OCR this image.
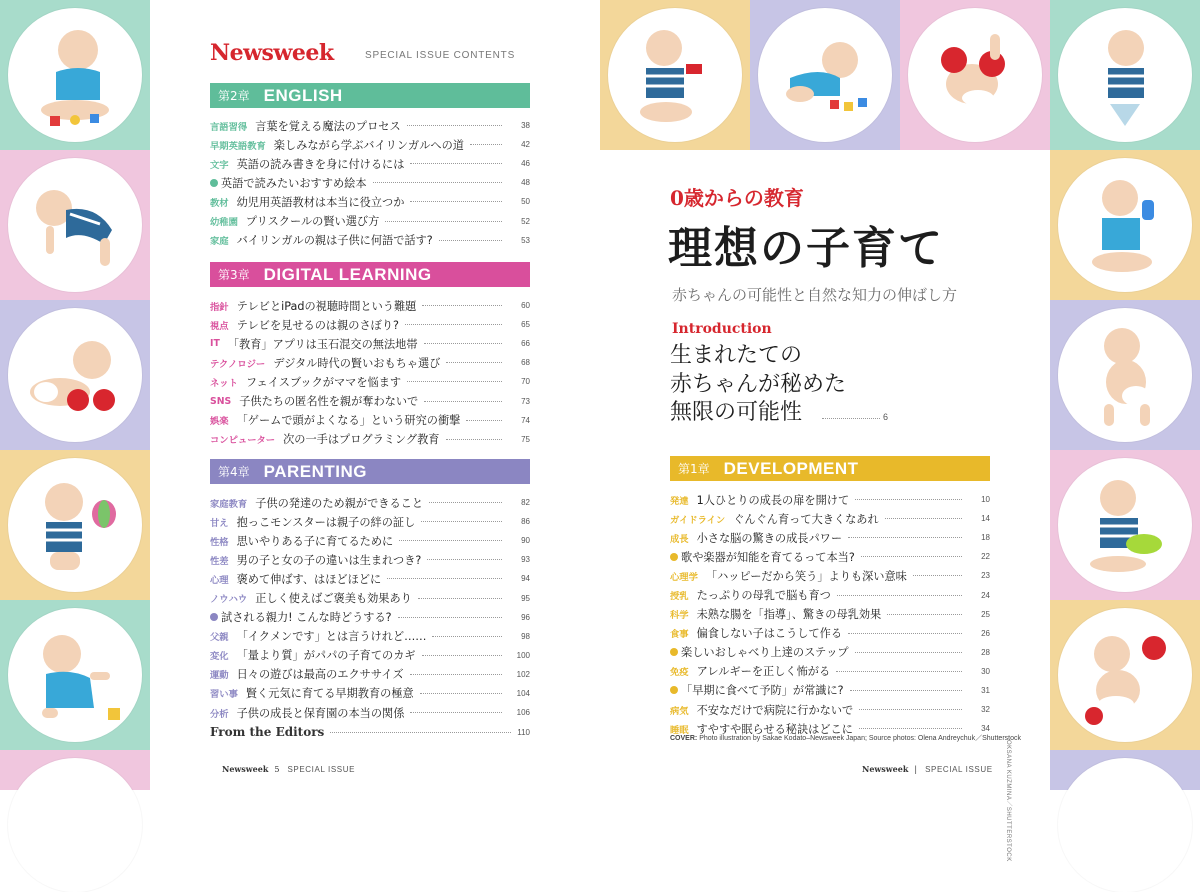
Newsweek	SPECIAL ISSUE CONTENTS
第2章 ENGLISH
言語習得 言葉を覚える魔法のプロセス	38
早期英語教育 楽しみながら学ぶバイリンガルへの道	42
文字 英語の読み書きを身に付けるには	46
英語で読みたいおすすめ絵本	48
教材 幼児用英語教材は本当に役立つか	50
幼稚園 プリスクールの賢い選び方	52
家庭 バイリンガルの親は子供に何語で話す?	53
第3章 DIGITAL LEARNING
指針 テレビとiPadの視聴時間という難題	60
視点 テレビを見せるのは親のさぼり?	65
IT 「教育」アプリは玉石混交の無法地帯	66
テクノロジー デジタル時代の賢いおもちゃ選び	68
ネット フェイスブックがママを悩ます	70
SNS 子供たちの匿名性を親が奪わないで	73
娯楽 「ゲームで頭がよくなる」という研究の衝撃	74
コンピューター 次の一手はプログラミング教育	75
第4章 PARENTING
家庭教育 子供の発達のため親ができること	82
甘え 抱っこモンスターは親子の絆の証し	86
性格 思いやりある子に育てるために	90
性差 男の子と女の子の違いは生まれつき?	93
心理 褒めて伸ばす、はほどほどに	94
ノウハウ 正しく使えばご褒美も効果あり	95
試される親力! こんな時どうする?	96
父親 「イクメンです」とは言うけれど……	98
変化 「量より質」がパパの子育てのカギ	100
運動 日々の遊びは最高のエクササイズ	102
習い事 賢く元気に育てる早期教育の極意	104
分析 子供の成長と保育園の本当の関係	106
From the Editors	110
Newsweek 5 SPECIAL ISSUE
0歳からの教育
理想の子育て
赤ちゃんの可能性と自然な知力の伸ばし方
Introduction
生まれたての
赤ちゃんが秘めた
無限の可能性	6
第1章 DEVELOPMENT
発達 1人ひとりの成長の扉を開けて	10
ガイドライン ぐんぐん育って大きくなあれ	14
成長 小さな脳の驚きの成長パワー	18
歌や楽器が知能を育てるって本当?	22
心理学 「ハッピーだから笑う」よりも深い意味	23
授乳 たっぷりの母乳で脳も育つ	24
科学 未熟な腸を「指導」、驚きの母乳効果	25
食事 偏食しない子はこうして作る	26
楽しいおしゃべり上達のステップ	28
免疫 アレルギーを正しく怖がる	30
「早期に食べて予防」が常識に?	31
病気 不安なだけで病院に行かないで	32
睡眠 すやすや眠らせる秘訣はどこに	34
COVER: Photo illustration by Sakae Kodato–Newsweek Japan; Source photos: Olena Andreychuk／Shutterstock
OKSANA KUZMINA／SHUTTERSTOCK
Newsweek | SPECIAL ISSUE
